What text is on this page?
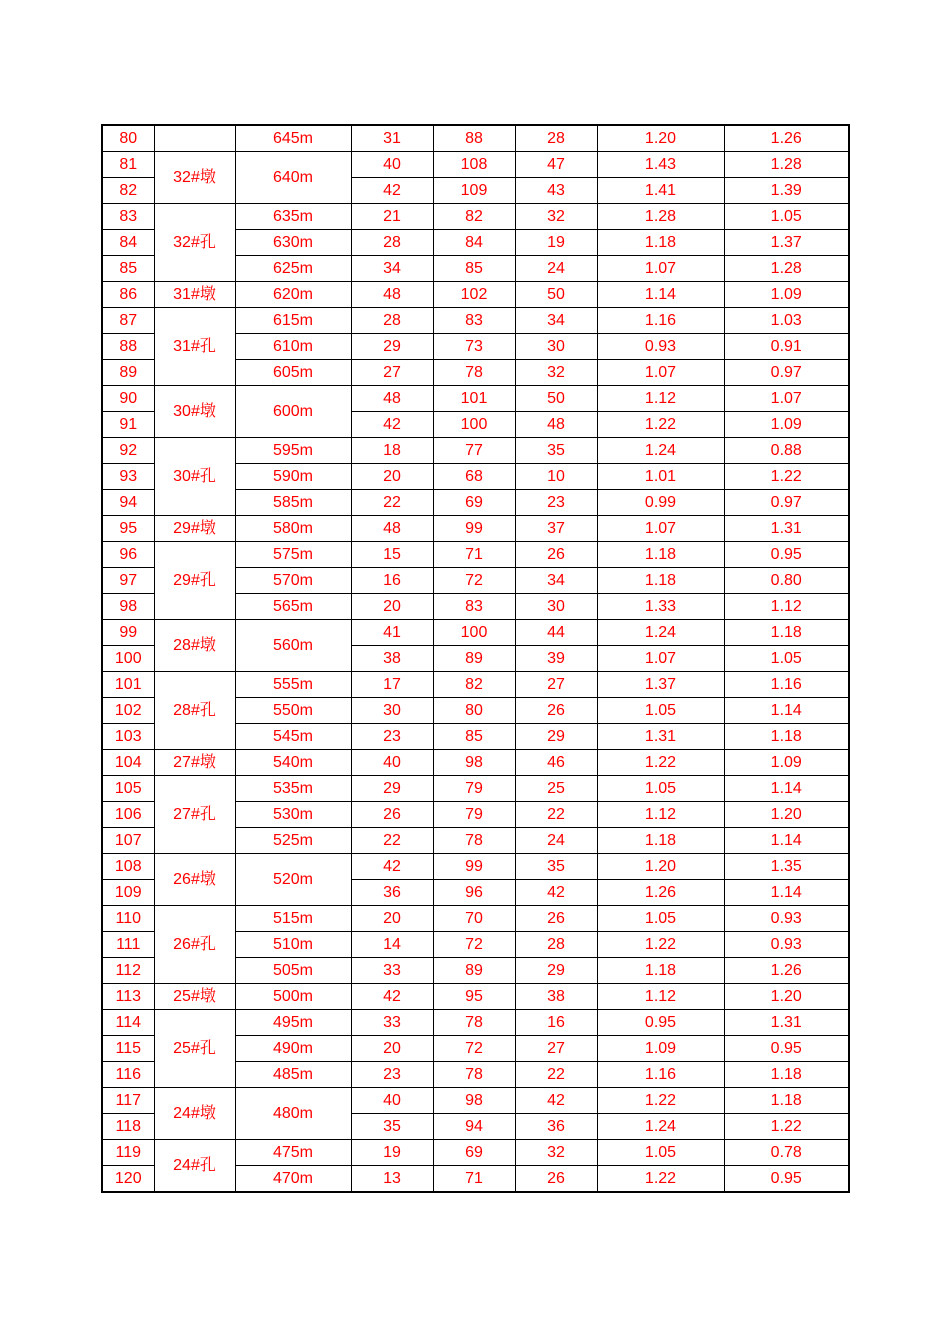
80		645m	31	88	28	1.20	1.26
81	32#墩	640m	40	108	47	1.43	1.28
82			42	109	43	1.41	1.39
83	32#孔	635m	21	82	32	1.28	1.05
84		630m	28	84	19	1.18	1.37
85		625m	34	85	24	1.07	1.28
86	31#墩	620m	48	102	50	1.14	1.09
87	31#孔	615m	28	83	34	1.16	1.03
88		610m	29	73	30	0.93	0.91
89		605m	27	78	32	1.07	0.97
90	30#墩	600m	48	101	50	1.12	1.07
91			42	100	48	1.22	1.09
92	30#孔	595m	18	77	35	1.24	0.88
93		590m	20	68	10	1.01	1.22
94		585m	22	69	23	0.99	0.97
95	29#墩	580m	48	99	37	1.07	1.31
96	29#孔	575m	15	71	26	1.18	0.95
97		570m	16	72	34	1.18	0.80
98		565m	20	83	30	1.33	1.12
99	28#墩	560m	41	100	44	1.24	1.18
100			38	89	39	1.07	1.05
101	28#孔	555m	17	82	27	1.37	1.16
102		550m	30	80	26	1.05	1.14
103		545m	23	85	29	1.31	1.18
104	27#墩	540m	40	98	46	1.22	1.09
105	27#孔	535m	29	79	25	1.05	1.14
106		530m	26	79	22	1.12	1.20
107		525m	22	78	24	1.18	1.14
108	26#墩	520m	42	99	35	1.20	1.35
109			36	96	42	1.26	1.14
110	26#孔	515m	20	70	26	1.05	0.93
111		510m	14	72	28	1.22	0.93
112		505m	33	89	29	1.18	1.26
113	25#墩	500m	42	95	38	1.12	1.20
114	25#孔	495m	33	78	16	0.95	1.31
115		490m	20	72	27	1.09	0.95
116		485m	23	78	22	1.16	1.18
117	24#墩	480m	40	98	42	1.22	1.18
118			35	94	36	1.24	1.22
119	24#孔	475m	19	69	32	1.05	0.78
120		470m	13	71	26	1.22	0.95
